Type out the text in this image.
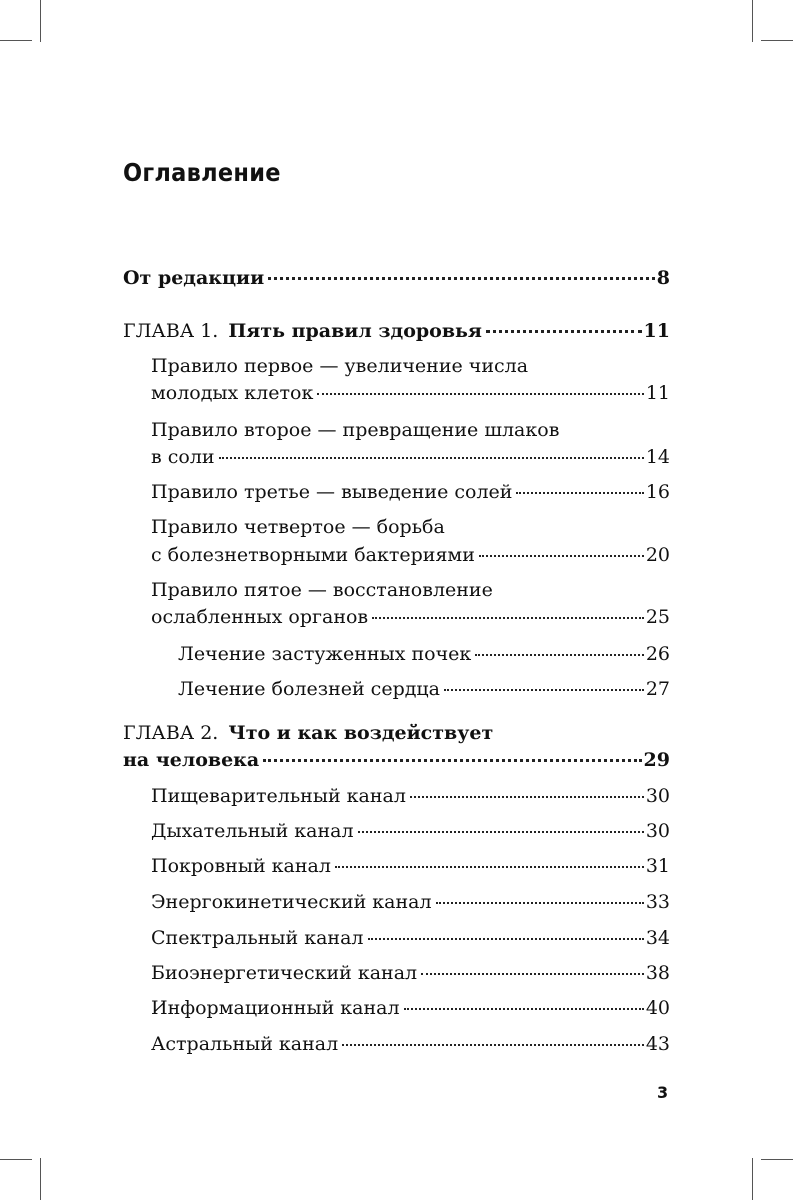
Оглавление
От редакции	8
ГЛАВА 1. Пять правил здоровья	11
Правило первое — увеличение числа
молодых клеток	11
Правило второе — превращение шлаков
в соли	14
Правило третье — выведение солей	16
Правило четвертое — борьба
с болезнетворными бактериями	20
Правило пятое — восстановление
ослабленных органов	25
Лечение застуженных почек	26
Лечение болезней сердца	27
ГЛАВА 2. Что и как воздействует
на человека	29
Пищеварительный канал	30
Дыхательный канал	30
Покровный канал	31
Энергокинетический канал	33
Спектральный канал	34
Биоэнергетический канал	38
Информационный канал	40
Астральный канал	43
3
